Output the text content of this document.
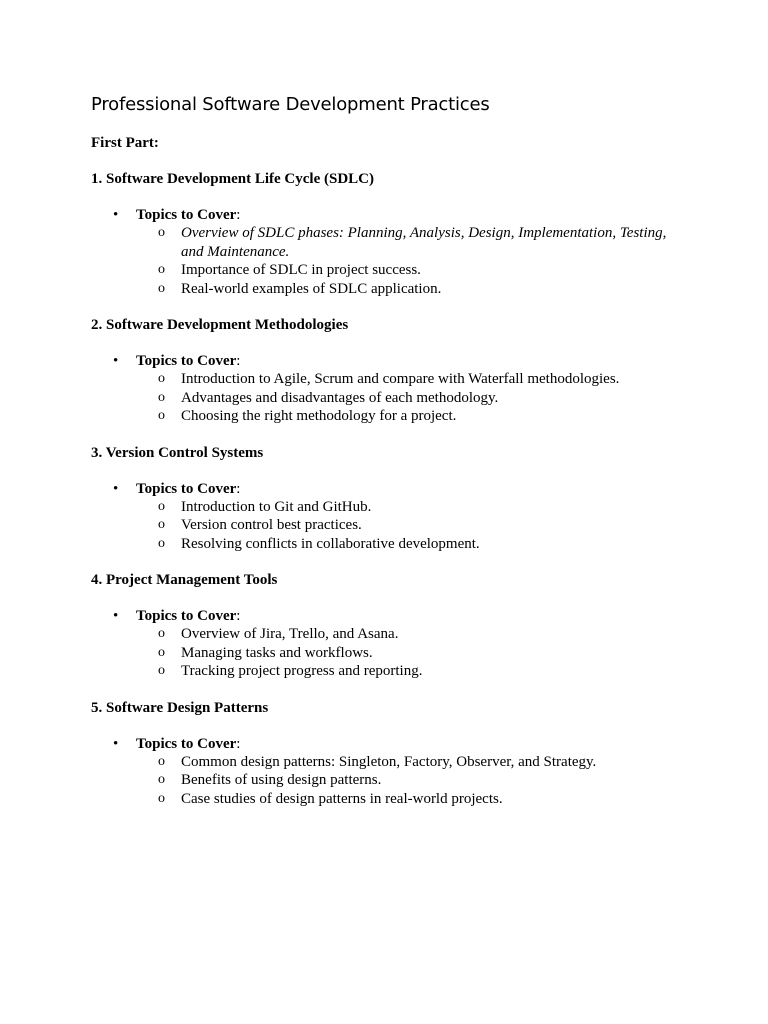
Professional Software Development Practices
First Part:
1. Software Development Life Cycle (SDLC)
• Topics to Cover:
o Overview of SDLC phases: Planning, Analysis, Design, Implementation, Testing, and Maintenance.
o Importance of SDLC in project success.
o Real-world examples of SDLC application.
2. Software Development Methodologies
• Topics to Cover:
o Introduction to Agile, Scrum and compare with Waterfall methodologies.
o Advantages and disadvantages of each methodology.
o Choosing the right methodology for a project.
3. Version Control Systems
• Topics to Cover:
o Introduction to Git and GitHub.
o Version control best practices.
o Resolving conflicts in collaborative development.
4. Project Management Tools
• Topics to Cover:
o Overview of Jira, Trello, and Asana.
o Managing tasks and workflows.
o Tracking project progress and reporting.
5. Software Design Patterns
• Topics to Cover:
o Common design patterns: Singleton, Factory, Observer, and Strategy.
o Benefits of using design patterns.
o Case studies of design patterns in real-world projects.
